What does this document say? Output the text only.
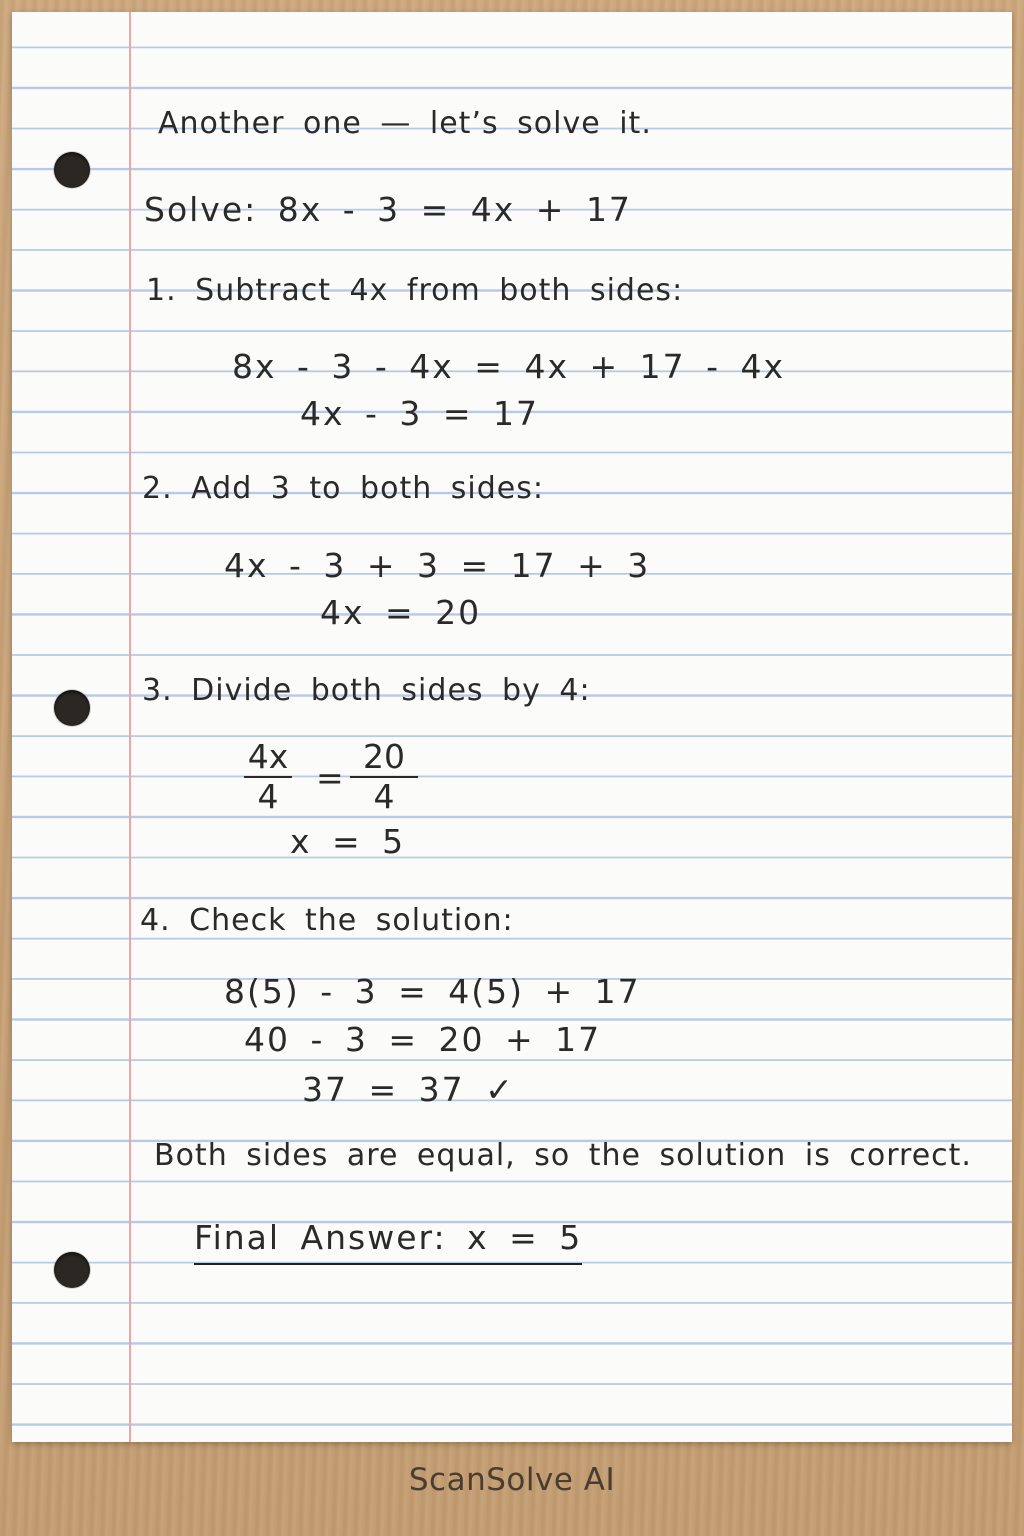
Another one — let’s solve it.
Solve: 8x - 3 = 4x + 17
1. Subtract 4x from both sides:
8x - 3 - 4x = 4x + 17 - 4x
4x - 3 = 17
2. Add 3 to both sides:
4x - 3 + 3 = 17 + 3
4x = 20
3. Divide both sides by 4:
4x
4	=
20
4
x = 5
4. Check the solution:
8(5) - 3 = 4(5) + 17
40 - 3 = 20 + 17
37 = 37 ✓
Both sides are equal, so the solution is correct.
Final Answer: x = 5
ScanSolve AI
